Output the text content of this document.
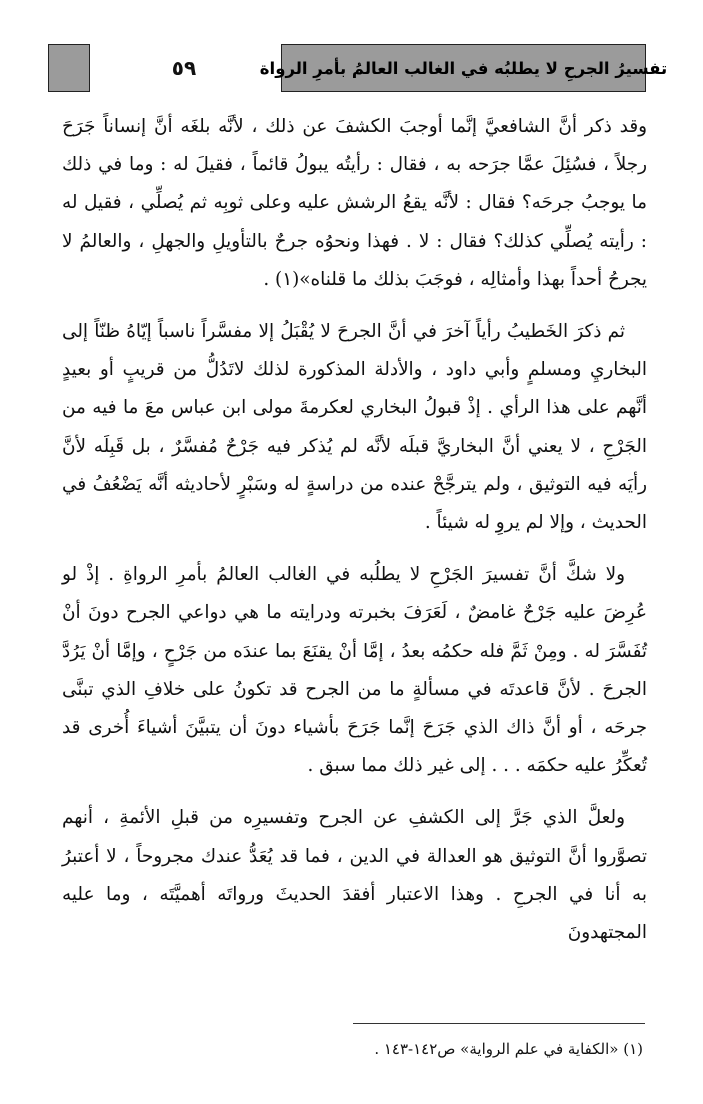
تفسيرُ الجرحِ لا يطلبُه في الغالب العالمُ بأمرِ الرواة
٥٩

وقد ذكر أنَّ الشافعيَّ إنَّما أوجبَ الكشفَ عن ذلك ، لأنَّه بلغَه أنَّ إنساناً جَرَحَ رجلاً ، فسُئِلَ عمَّا جرَحه به ، فقال : رأيتُه يبولُ قائماً ، فقيلَ له : وما في ذلك ما يوجبُ جرحَه؟ فقال : لأنَّه يقعُ الرشش عليه وعلى ثوبِه ثم يُصلِّي ، فقيل له : رأيته يُصلِّي كذلك؟ فقال : لا . فهذا ونحوُه جرحٌ بالتأويلِ والجهلِ ، والعالمُ لا يجرحُ أحداً بهذا وأمثالِه ، فوجَبَ بذلك ما قلناه»(١) .

ثم ذكرَ الخَطيبُ رأياً آخرَ في أنَّ الجرحَ لا يُقْبَلُ إلا مفسَّراً ناسباً إيّاهُ ظنّاً إلى البخاريِ ومسلمٍ وأبي داود ، والأدلة المذكورة لذلك لاتَدُلُّ من قريبٍ أو بعيدٍ أنَّهم على هذا الرأي . إذْ قبولُ البخاري لعكرمةَ مولى ابن عباس معَ ما فيه من الجَرْحِ ، لا يعني أنَّ البخاريَّ قبلَه لأنَّه لم يُذكر فيه جَرْحٌ مُفسَّرٌ ، بل قَبِلَه لأنَّ رأيَه فيه التوثيق ، ولم يترجَّحْ عنده من دراسةٍ له وسَبْرٍ لأحاديثه أنَّه يَضْعُفُ في الحديث ، وإلا لم يروِ له شيئاً .

ولا شكَّ أنَّ تفسيرَ الجَرْحِ لا يطلُبه في الغالب العالمُ بأمرِ الرواةِ . إذْ لو عُرِضَ عليه جَرْحٌ غامضٌ ، لَعَرَفَ بخبرته ودرايته ما هي دواعي الجرح دونَ أنْ تُفَسَّرَ له . ومِنْ ثَمَّ فله حكمُه بعدُ ، إمَّا أنْ يقنَعَ بما عندَه من جَرْحٍ ، وإمَّا أنْ يَرُدَّ الجرحَ . لأنَّ قاعدتَه في مسألةٍ ما من الجرح قد تكونُ على خلافِ الذي تبنَّى جرحَه ، أو أنَّ ذاك الذي جَرَحَ إنَّما جَرَحَ بأشياء دونَ أن يتبيَّنَ أشياءَ أُخرى قد تُعكِّرُ عليه حكمَه . . . إلى غير ذلك مما سبق .

ولعلَّ الذي جَرَّ إلى الكشفِ عن الجرح وتفسيرِه من قبلِ الأئمةِ ، أنهم تصوَّروا أنَّ التوثيق هو العدالة في الدين ، فما قد يُعَدُّ عندك مجروحاً ، لا أعتبرُ به أنا في الجرحِ . وهذا الاعتبار أفقدَ الحديثَ ورواتَه أهميَّتَه ، وما عليه المجتهدونَ

(١) «الكفاية في علم الرواية» ص١٤٢-١٤٣ .
